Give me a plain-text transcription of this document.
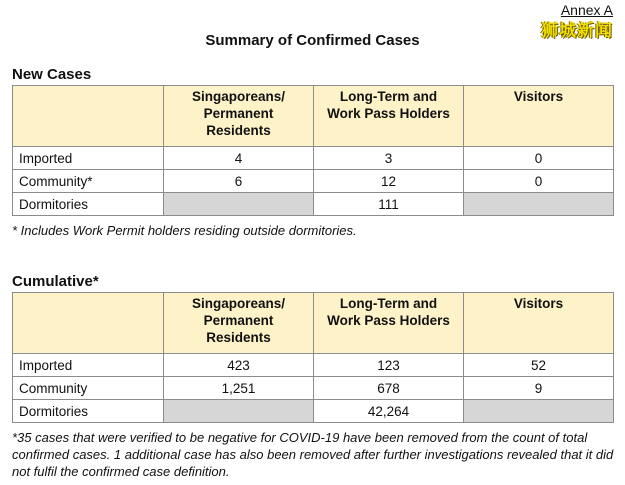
Annex A
狮城新闻
Summary of Confirmed Cases
New Cases
	Singaporeans/ Permanent Residents	Long-Term and Work Pass Holders	Visitors
Imported	4	3	0
Community*	6	12	0
Dormitories		111	
* Includes Work Permit holders residing outside dormitories.
Cumulative*
	Singaporeans/ Permanent Residents	Long-Term and Work Pass Holders	Visitors
Imported	423	123	52
Community	1,251	678	9
Dormitories		42,264	
*35 cases that were verified to be negative for COVID-19 have been removed from the count of total confirmed cases. 1 additional case has also been removed after further investigations revealed that it did not fulfil the confirmed case definition.
